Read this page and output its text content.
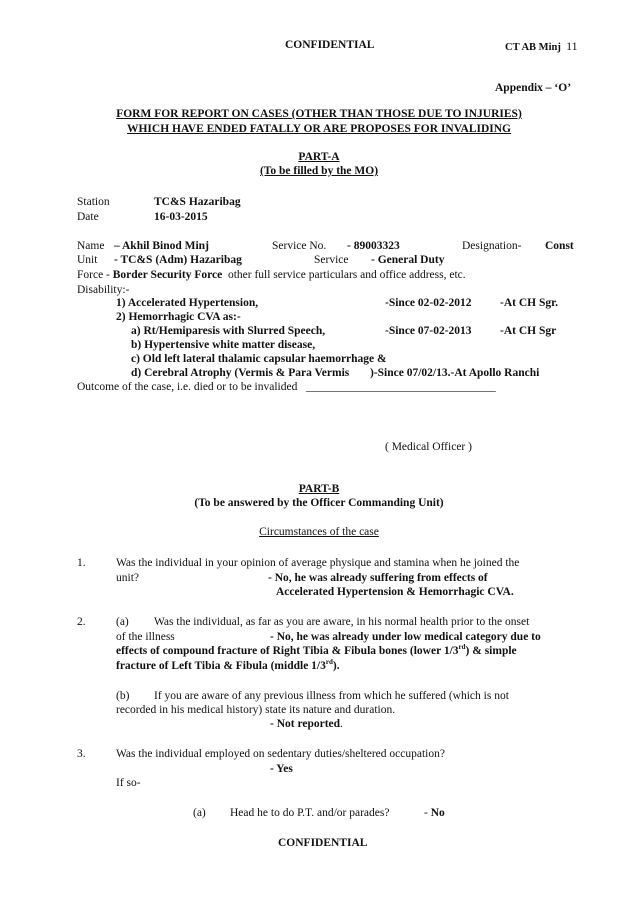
CONFIDENTIAL	CT AB Minj 11
Appendix – ‘O’
FORM FOR REPORT ON CASES (OTHER THAN THOSE DUE TO INJURIES)
WHICH HAVE ENDED FATALLY OR ARE PROPOSES FOR INVALIDING
PART-A
(To be filled by the MO)
Station	TC&S Hazaribag
Date	16-03-2015
Name – Akhil Binod Minj	Service No. - 89003323	Designation- Const
Unit - TC&S (Adm) Hazaribag	Service - General Duty
Force - Border Security Force other full service particulars and office address, etc.
Disability:-
1) Accelerated Hypertension,	-Since 02-02-2012 -At CH Sgr.
2) Hemorrhagic CVA as:-
a) Rt/Hemiparesis with Slurred Speech,	-Since 07-02-2013 -At CH Sgr
b) Hypertensive white matter disease,
c) Old left lateral thalamic capsular haemorrhage &
d) Cerebral Atrophy (Vermis & Para Vermis )-Since 07/02/13.-At Apollo Ranchi
Outcome of the case, i.e. died or to be invalided _________________________________
( Medical Officer )
PART-B
(To be answered by the Officer Commanding Unit)
Circumstances of the case
1.	Was the individual in your opinion of average physique and stamina when he joined the
unit?	- No, he was already suffering from effects of
Accelerated Hypertension & Hemorrhagic CVA.
2.	(a) Was the individual, as far as you are aware, in his normal health prior to the onset
of the illness	- No, he was already under low medical category due to
effects of compound fracture of Right Tibia & Fibula bones (lower 1/3rd) & simple
fracture of Left Tibia & Fibula (middle 1/3rd).
(b) If you are aware of any previous illness from which he suffered (which is not
recorded in his medical history) state its nature and duration.
- Not reported.
3.	Was the individual employed on sedentary duties/sheltered occupation?
- Yes
If so-
(a) Head he to do P.T. and/or parades?	- No
CONFIDENTIAL
